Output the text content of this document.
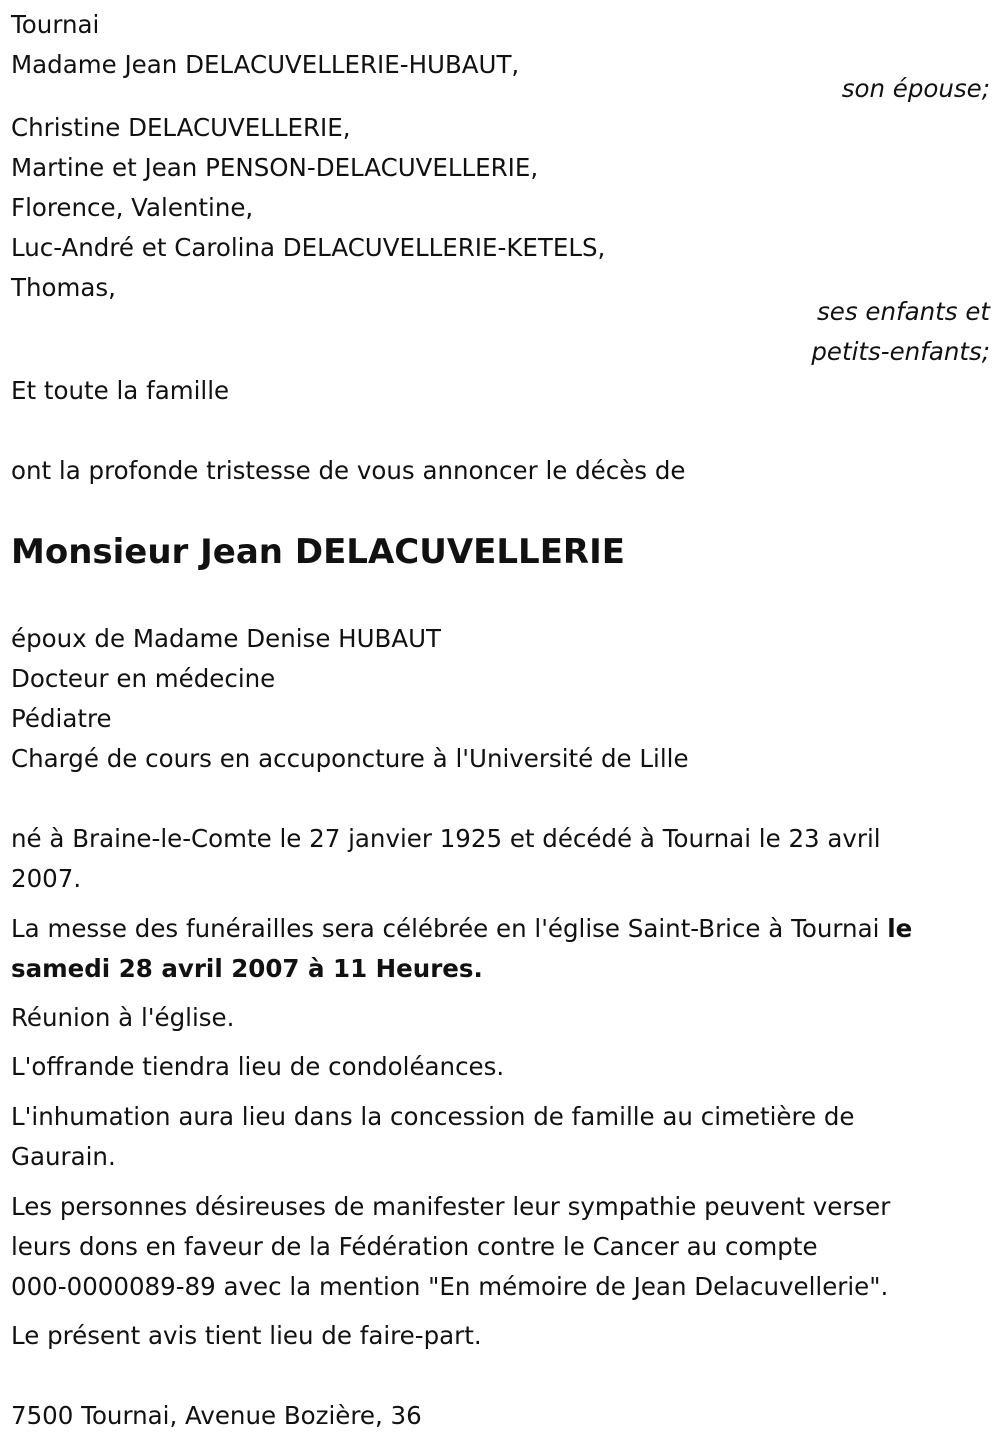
Tournai
Madame Jean DELACUVELLERIE-HUBAUT,
son épouse;
Christine DELACUVELLERIE,
Martine et Jean PENSON-DELACUVELLERIE,
Florence, Valentine,
Luc-André et Carolina DELACUVELLERIE-KETELS,
Thomas,
ses enfants et
petits-enfants;
Et toute la famille
ont la profonde tristesse de vous annoncer le décès de
Monsieur Jean DELACUVELLERIE
époux de Madame Denise HUBAUT
Docteur en médecine
Pédiatre
Chargé de cours en accuponcture à l'Université de Lille
né à Braine-le-Comte le 27 janvier 1925 et décédé à Tournai le 23 avril
2007.
La messe des funérailles sera célébrée en l'église Saint-Brice à Tournai le
samedi 28 avril 2007 à 11 Heures.
Réunion à l'église.
L'offrande tiendra lieu de condoléances.
L'inhumation aura lieu dans la concession de famille au cimetière de
Gaurain.
Les personnes désireuses de manifester leur sympathie peuvent verser
leurs dons en faveur de la Fédération contre le Cancer au compte
000-0000089-89 avec la mention "En mémoire de Jean Delacuvellerie".
Le présent avis tient lieu de faire-part.
7500 Tournai, Avenue Bozière, 36
